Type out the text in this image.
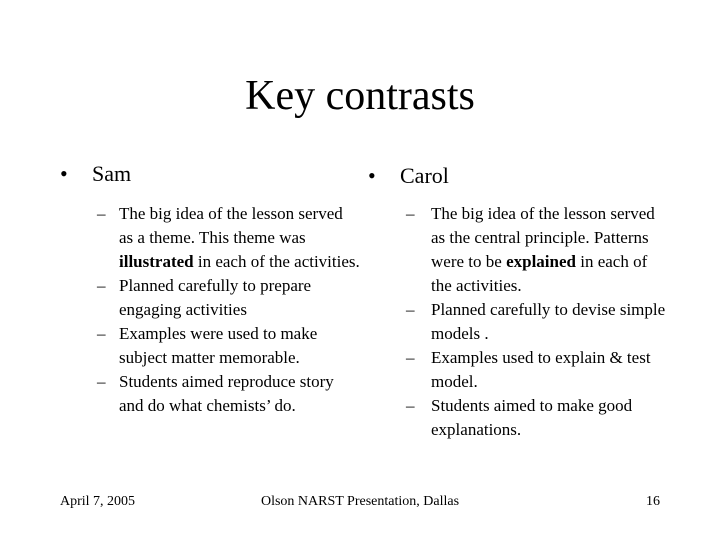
Key contrasts
•	Sam
– The big idea of the lesson served as a theme. This theme was illustrated in each of the activities.
– Planned carefully to prepare engaging activities
– Examples were used to make subject matter memorable.
– Students aimed reproduce story and do what chemists’ do.
•	Carol
– The big idea of the lesson served as the central principle. Patterns were to be explained in each of the activities.
– Planned carefully to devise simple models .
– Examples used to explain & test model.
– Students aimed to make good explanations.
April 7, 2005	Olson NARST Presentation, Dallas	16
